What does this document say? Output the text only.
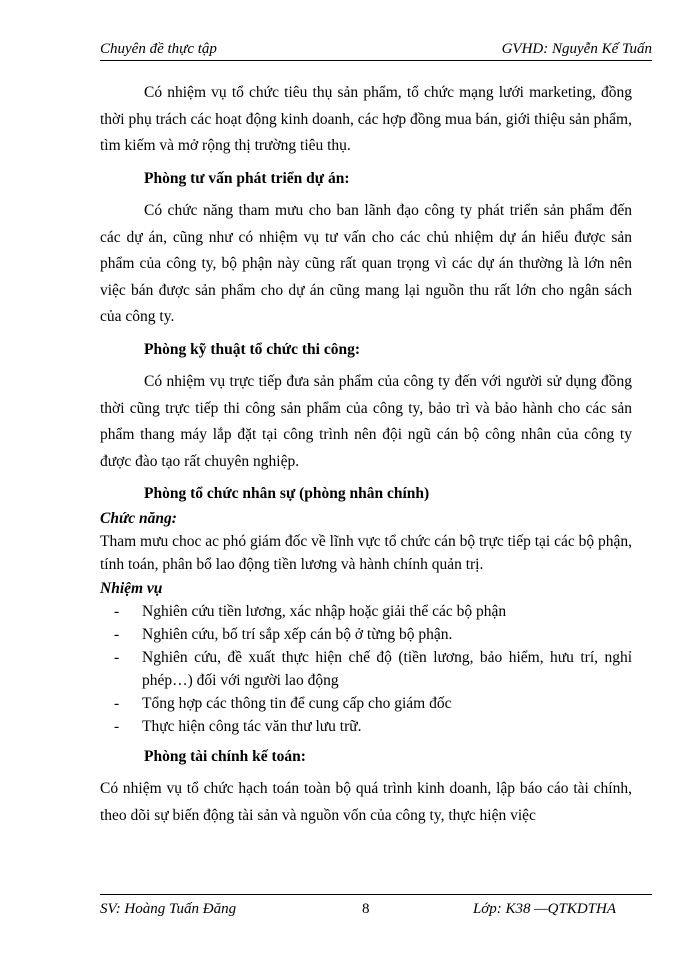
Chuyên đề thực tập	GVHD: Nguyễn Kế Tuấn

Có nhiệm vụ tổ chức tiêu thụ sản phẩm, tổ chức mạng lưới marketing, đồng thời phụ trách các hoạt động kinh doanh, các hợp đồng mua bán, giới thiệu sản phẩm, tìm kiếm và mở rộng thị trường tiêu thụ.

Phòng tư vấn phát triển dự án:

Có chức năng tham mưu cho ban lãnh đạo công ty phát triển sản phẩm đến các dự án, cũng như có nhiệm vụ tư vấn cho các chủ nhiệm dự án hiểu được sản phẩm của công ty, bộ phận này cũng rất quan trọng vì các dự án thường là lớn nên việc bán được sản phẩm cho dự án cũng mang lại nguồn thu rất lớn cho ngân sách của công ty.

Phòng kỹ thuật tổ chức thi công:

Có nhiệm vụ trực tiếp đưa sản phẩm của công ty đến với người sử dụng đồng thời cũng trực tiếp thi công sản phẩm của công ty, bảo trì và bảo hành cho các sản phẩm thang máy lắp đặt tại công trình nên đội ngũ cán bộ công nhân của công ty được đào tạo rất chuyên nghiệp.

Phòng tổ chức nhân sự (phòng nhân chính)

Chức năng:

Tham mưu choc ac phó giám đốc về lĩnh vực tổ chức cán bộ trực tiếp tại các bộ phận, tính toán, phân bổ lao động tiền lương và hành chính quản trị.

Nhiệm vụ

- Nghiên cứu tiền lương, xác nhập hoặc giải thể các bộ phận
- Nghiên cứu, bố trí sắp xếp cán bộ ở từng bộ phận.
- Nghiên cứu, đề xuất thực hiện chế độ (tiền lương, bảo hiểm, hưu trí, nghỉ phép…) đối với người lao động
- Tổng hợp các thông tin để cung cấp cho giám đốc
- Thực hiện công tác văn thư lưu trữ.

Phòng tài chính kế toán:

Có nhiệm vụ tổ chức hạch toán toàn bộ quá trình kinh doanh, lập báo cáo tài chính, theo dõi sự biến động tài sản và nguồn vốn của công ty, thực hiện việc

SV: Hoàng Tuấn Đăng	8	Lớp: K38 —QTKDTHA
